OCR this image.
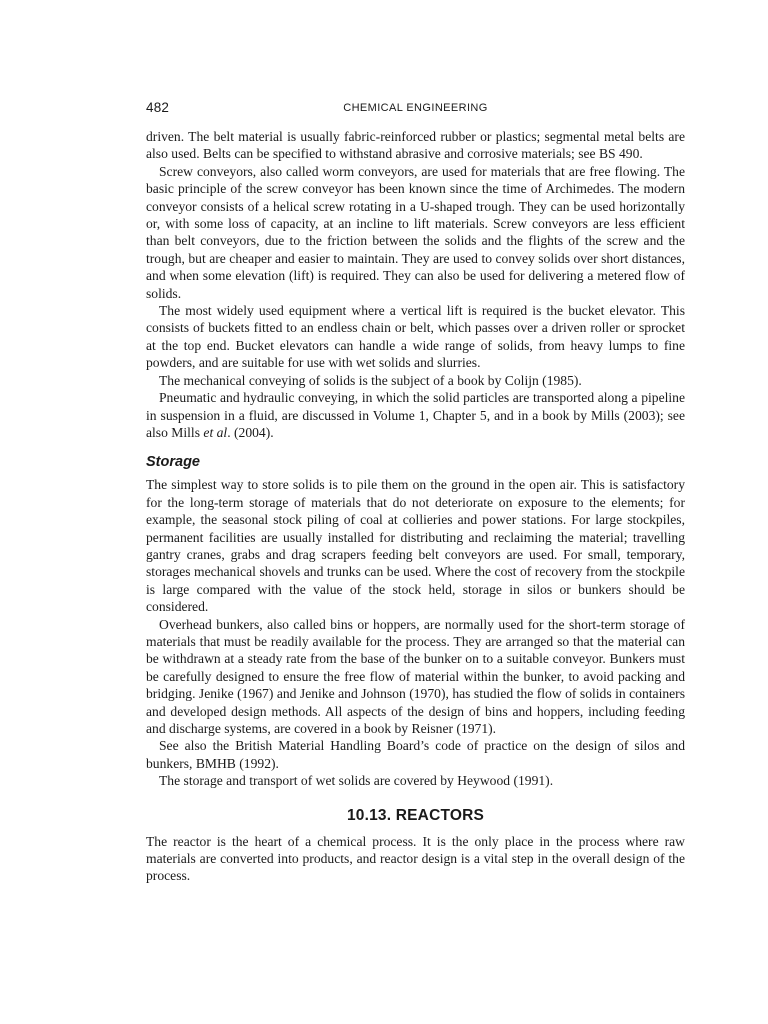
482	CHEMICAL ENGINEERING

driven. The belt material is usually fabric-reinforced rubber or plastics; segmental metal belts are also used. Belts can be specified to withstand abrasive and corrosive materials; see BS 490.

Screw conveyors, also called worm conveyors, are used for materials that are free flowing. The basic principle of the screw conveyor has been known since the time of Archimedes. The modern conveyor consists of a helical screw rotating in a U-shaped trough. They can be used horizontally or, with some loss of capacity, at an incline to lift materials. Screw conveyors are less efficient than belt conveyors, due to the friction between the solids and the flights of the screw and the trough, but are cheaper and easier to maintain. They are used to convey solids over short distances, and when some elevation (lift) is required. They can also be used for delivering a metered flow of solids.

The most widely used equipment where a vertical lift is required is the bucket elevator. This consists of buckets fitted to an endless chain or belt, which passes over a driven roller or sprocket at the top end. Bucket elevators can handle a wide range of solids, from heavy lumps to fine powders, and are suitable for use with wet solids and slurries.

The mechanical conveying of solids is the subject of a book by Colijn (1985).

Pneumatic and hydraulic conveying, in which the solid particles are transported along a pipeline in suspension in a fluid, are discussed in Volume 1, Chapter 5, and in a book by Mills (2003); see also Mills et al. (2004).

Storage

The simplest way to store solids is to pile them on the ground in the open air. This is satisfactory for the long-term storage of materials that do not deteriorate on exposure to the elements; for example, the seasonal stock piling of coal at collieries and power stations. For large stockpiles, permanent facilities are usually installed for distributing and reclaiming the material; travelling gantry cranes, grabs and drag scrapers feeding belt conveyors are used. For small, temporary, storages mechanical shovels and trunks can be used. Where the cost of recovery from the stockpile is large compared with the value of the stock held, storage in silos or bunkers should be considered.

Overhead bunkers, also called bins or hoppers, are normally used for the short-term storage of materials that must be readily available for the process. They are arranged so that the material can be withdrawn at a steady rate from the base of the bunker on to a suitable conveyor. Bunkers must be carefully designed to ensure the free flow of material within the bunker, to avoid packing and bridging. Jenike (1967) and Jenike and Johnson (1970), has studied the flow of solids in containers and developed design methods. All aspects of the design of bins and hoppers, including feeding and discharge systems, are covered in a book by Reisner (1971).

See also the British Material Handling Board’s code of practice on the design of silos and bunkers, BMHB (1992).

The storage and transport of wet solids are covered by Heywood (1991).

10.13. REACTORS

The reactor is the heart of a chemical process. It is the only place in the process where raw materials are converted into products, and reactor design is a vital step in the overall design of the process.
